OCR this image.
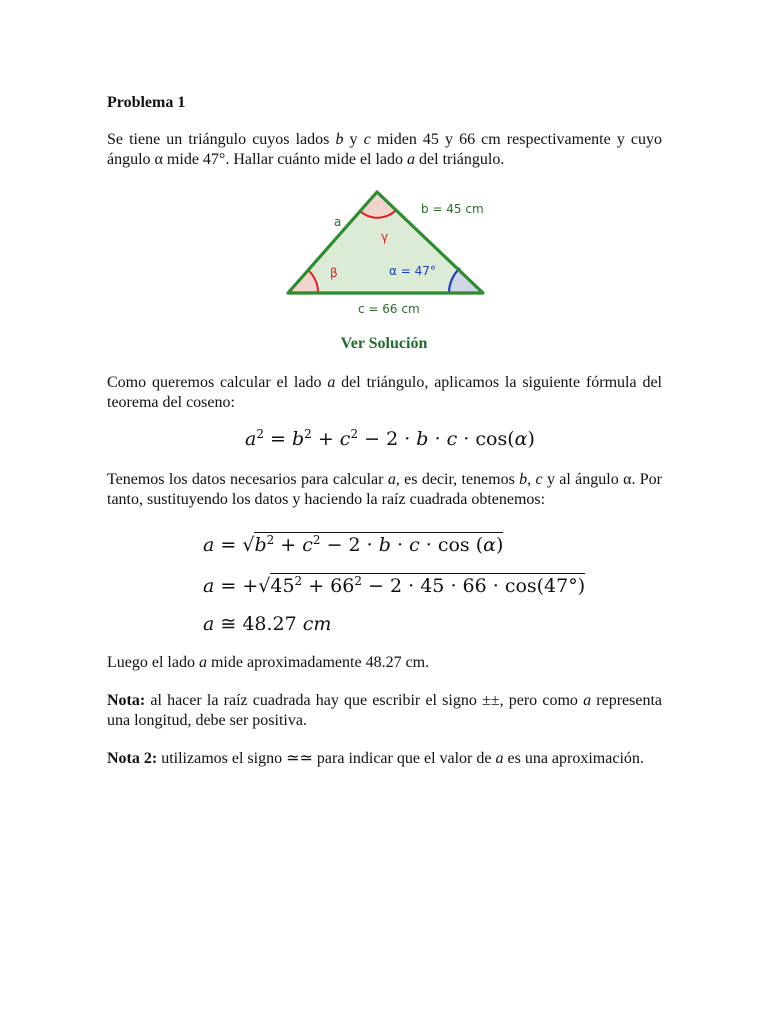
Problema 1
Se tiene un triángulo cuyos lados b y c miden 45 y 66 cm respectivamente y cuyo ángulo α mide 47°. Hallar cuánto mide el lado a del triángulo.
a
b = 45 cm
c = 66 cm
α = 47°
β
γ
Ver Solución
Como queremos calcular el lado a del triángulo, aplicamos la siguiente fórmula del teorema del coseno:
$a^2 = b^2 + c^2 - 2 \cdot b \cdot c \cdot \cos(\alpha)$
Tenemos los datos necesarios para calcular a, es decir, tenemos b, c y al ángulo α. Por tanto, sustituyendo los datos y haciendo la raíz cuadrada obtenemos:
$a = √b^2 + c^2 - 2 \cdot b \cdot c \cdot \cos (\alpha)$
$a = +√45^2 + 66^2 - 2 \cdot 45 \cdot 66 \cdot \cos(47^\circ)$
a ≅ 48.27 cm
Luego el lado a mide aproximadamente 48.27 cm.
Nota: al hacer la raíz cuadrada hay que escribir el signo ±±, pero como a representa una longitud, debe ser positiva.
Nota 2: utilizamos el signo ≃≃ para indicar que el valor de a es una aproximación.
